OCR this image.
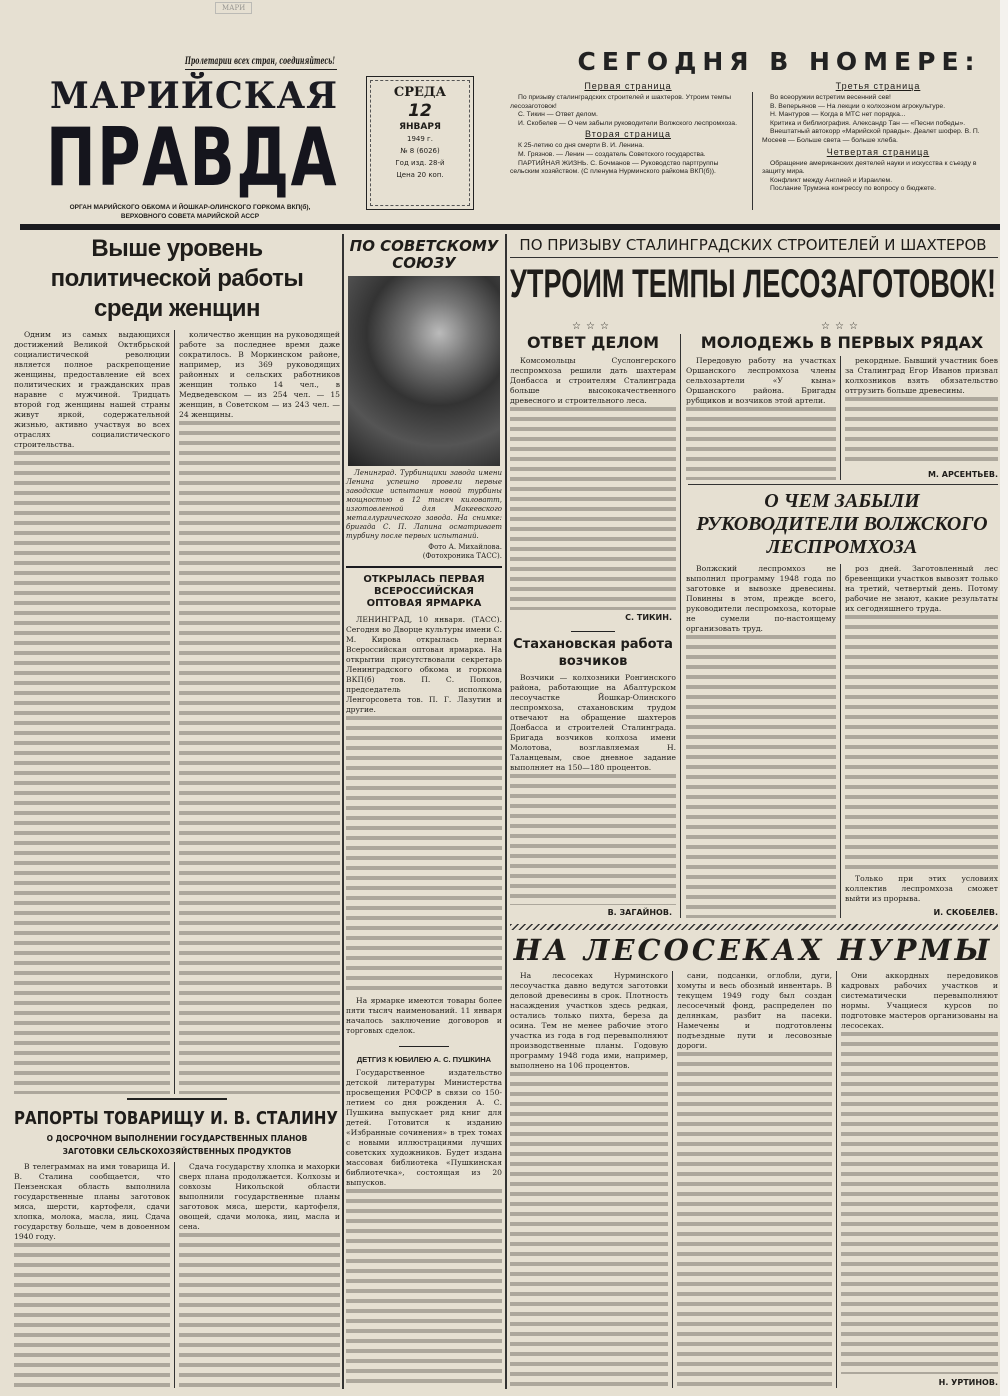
МАРИ
Пролетарии всех стран, соединяйтесь!
МАРИЙСКАЯ
ПРАВДА
ОРГАН МАРИЙСКОГО ОБКОМА И ЙОШКАР-ОЛИНСКОГО ГОРКОМА ВКП(б),
ВЕРХОВНОГО СОВЕТА МАРИЙСКОЙ АССР
СРЕДА
12
ЯНВАРЯ
1949 г.
№ 8 (6026)
Год изд. 28-й
Цена 20 коп.
СЕГОДНЯ В НОМЕРЕ:
Первая страница

По призыву сталинградских строителей и шахтеров. Утроим темпы лесозаготовок!

С. Тикин — Ответ делом.

И. Скобелев — О чем забыли руководители Волжского леспромхоза.

Вторая страница

К 25-летию со дня смерти В. И. Ленина.

М. Грязнов. — Ленин — создатель Советского государства.

ПАРТИЙНАЯ ЖИЗНЬ. С. Бочманов — Руководство партгруппы сельским хозяйством. (С пленума Нурминского райкома ВКП(б)).

Третья страница

Во всеоружии встретим весенний сев!

В. Веперьянов — На лекции о колхозном агрокультуре.

Н. Мантуров — Когда в МТС нет порядка...

Критика и библиография. Александр Тан — «Песни победы».

Внештатный автокорр «Марийской правды». Деалет шофер. В. П. Мосеев — Больше света — больше хлеба.

Четвертая страница

Обращение американских деятелей науки и искусства к съезду в защиту мира.

Конфликт между Англией и Израилем.

Послание Трумэна конгрессу по вопросу о бюджете.

Выше уровень политической работы среди женщин

Одним из самых выдающихся достижений Великой Октябрьской социалистической революции является полное раскрепощение женщины, предоставление ей всех политических и гражданских прав наравне с мужчиной. Тридцать второй год женщины нашей страны живут яркой, содержательной жизнью, активно участвуя во всех отраслях социалистического строительства.

количество женщин на руководящей работе за последнее время даже сократилось. В Моркинском районе, например, из 369 руководящих районных и сельских работников женщин только 14 чел., в Медведевском — из 254 чел. — 15 женщин, в Советском — из 243 чел. — 24 женщины.

РАПОРТЫ ТОВАРИЩУ И. В. СТАЛИНУ
О ДОСРОЧНОМ ВЫПОЛНЕНИИ ГОСУДАРСТВЕННЫХ ПЛАНОВ ЗАГОТОВКИ СЕЛЬСКОХОЗЯЙСТВЕННЫХ ПРОДУКТОВ

В телеграммах на имя товарища И. В. Сталина сообщается, что Пензенская область выполнила государственные планы заготовок мяса, шерсти, картофеля, сдачи хлопка, молока, масла, яиц. Сдача государству больше, чем в довоенном 1940 году.

Сдача государству хлопка и махорки сверх плана продолжается. Колхозы и совхозы Никольской области выполнили государственные планы заготовок мяса, шерсти, картофеля, овощей, сдачи молока, яиц, масла и сена.

ПО СОВЕТСКОМУ СОЮЗУ

Ленинград. Турбинщики завода имени Ленина успешно провели первые заводские испытания новой турбины мощностью в 12 тысяч киловатт, изготовленной для Макеевского металлургического завода. На снимке: бригада С. П. Лапина осматривает турбину после первых испытаний.

Фото А. Михайлова. (Фотохроника ТАСС).
ОТКРЫЛАСЬ ПЕРВАЯ ВСЕРОССИЙСКАЯ ОПТОВАЯ ЯРМАРКА

ЛЕНИНГРАД, 10 января. (ТАСС). Сегодня во Дворце культуры имени С. М. Кирова открылась первая Всероссийская оптовая ярмарка. На открытии присутствовали секретарь Ленинградского обкома и горкома ВКП(б) тов. П. С. Попков, председатель исполкома Ленгорсовета тов. П. Г. Лазутин и другие.

На ярмарке имеются товары более пяти тысяч наименований. 11 января началось заключение договоров и торговых сделок.

ДЕТГИЗ К ЮБИЛЕЮ А. С. ПУШКИНА

Государственное издательство детской литературы Министерства просвещения РСФСР в связи со 150-летием со дня рождения А. С. Пушкина выпускает ряд книг для детей. Готовится к изданию «Избранные сочинения» в трех томах с новыми иллюстрациями лучших советских художников. Будет издана массовая библиотека «Пушкинская библиотечка», состоящая из 20 выпусков.

ПО ПРИЗЫВУ СТАЛИНГРАДСКИХ СТРОИТЕЛЕЙ И ШАХТЕРОВ
УТРОИМ ТЕМПЫ ЛЕСОЗАГОТОВОК!
☆☆☆
ОТВЕТ ДЕЛОМ

Комсомольцы Суслонгерского леспромхоза решили дать шахтерам Донбасса и строителям Сталинграда больше высококачественного древесного и строительного леса.

С. ТИКИН.
Стахановская работа возчиков

Возчики — колхозники Ронгинского района, работающие на Абалтурском лесоучастке Йошкар-Олинского леспромхоза, стахановским трудом отвечают на обращение шахтеров Донбасса и строителей Сталинграда. Бригада возчиков колхоза имени Молотова, возглавляемая Н. Таланцевым, свое дневное задание выполняет на 150—180 процентов.

В. ЗАГАЙНОВ.
☆☆☆
МОЛОДЕЖЬ В ПЕРВЫХ РЯДАХ

Передовую работу на участках Оршанского леспромхоза члены сельхозартели «У кына» Оршанского района. Бригады рубщиков и возчиков этой артели.

рекордные. Бывший участник боев за Сталинград Егор Иванов призвал колхозников взять обязательство отгрузить больше древесины.

М. АРСЕНТЬЕВ.
О ЧЕМ ЗАБЫЛИ РУКОВОДИТЕЛИ ВОЛЖСКОГО ЛЕСПРОМХОЗА

Волжский леспромхоз не выполнил программу 1948 года по заготовке и вывозке древесины. Повинны в этом, прежде всего, руководители леспромхоза, которые не сумели по-настоящему организовать труд.

роз дней. Заготовленный лес бревенщики участков вывозят только на третий, четвертый день. Потому рабочие не знают, какие результаты их сегодняшнего труда.

Только при этих условиях коллектив леспромхоза сможет выйти из прорыва.

И. СКОБЕЛЕВ.
НА ЛЕСОСЕКАХ НУРМЫ

На лесосеках Нурминского лесоучастка давно ведутся заготовки деловой древесины в срок. Плотность насаждения участков здесь редкая, остались только пихта, береза да осина. Тем не менее рабочие этого участка из года в год перевыполняют производственные планы. Годовую программу 1948 года ими, например, выполнено на 106 процентов.

сани, подсанки, оглобли, дуги, хомуты и весь обозный инвентарь. В текущем 1949 году был создан лесосечный фонд, распределен по делянкам, разбит на пасеки. Намечены и подготовлены подъездные пути и лесовозные дороги.

Они аккордных передовиков кадровых рабочих участков и систематически перевыполняют нормы. Учащиеся курсов по подготовке мастеров организованы на лесосеках.

Н. УРТИНОВ.
